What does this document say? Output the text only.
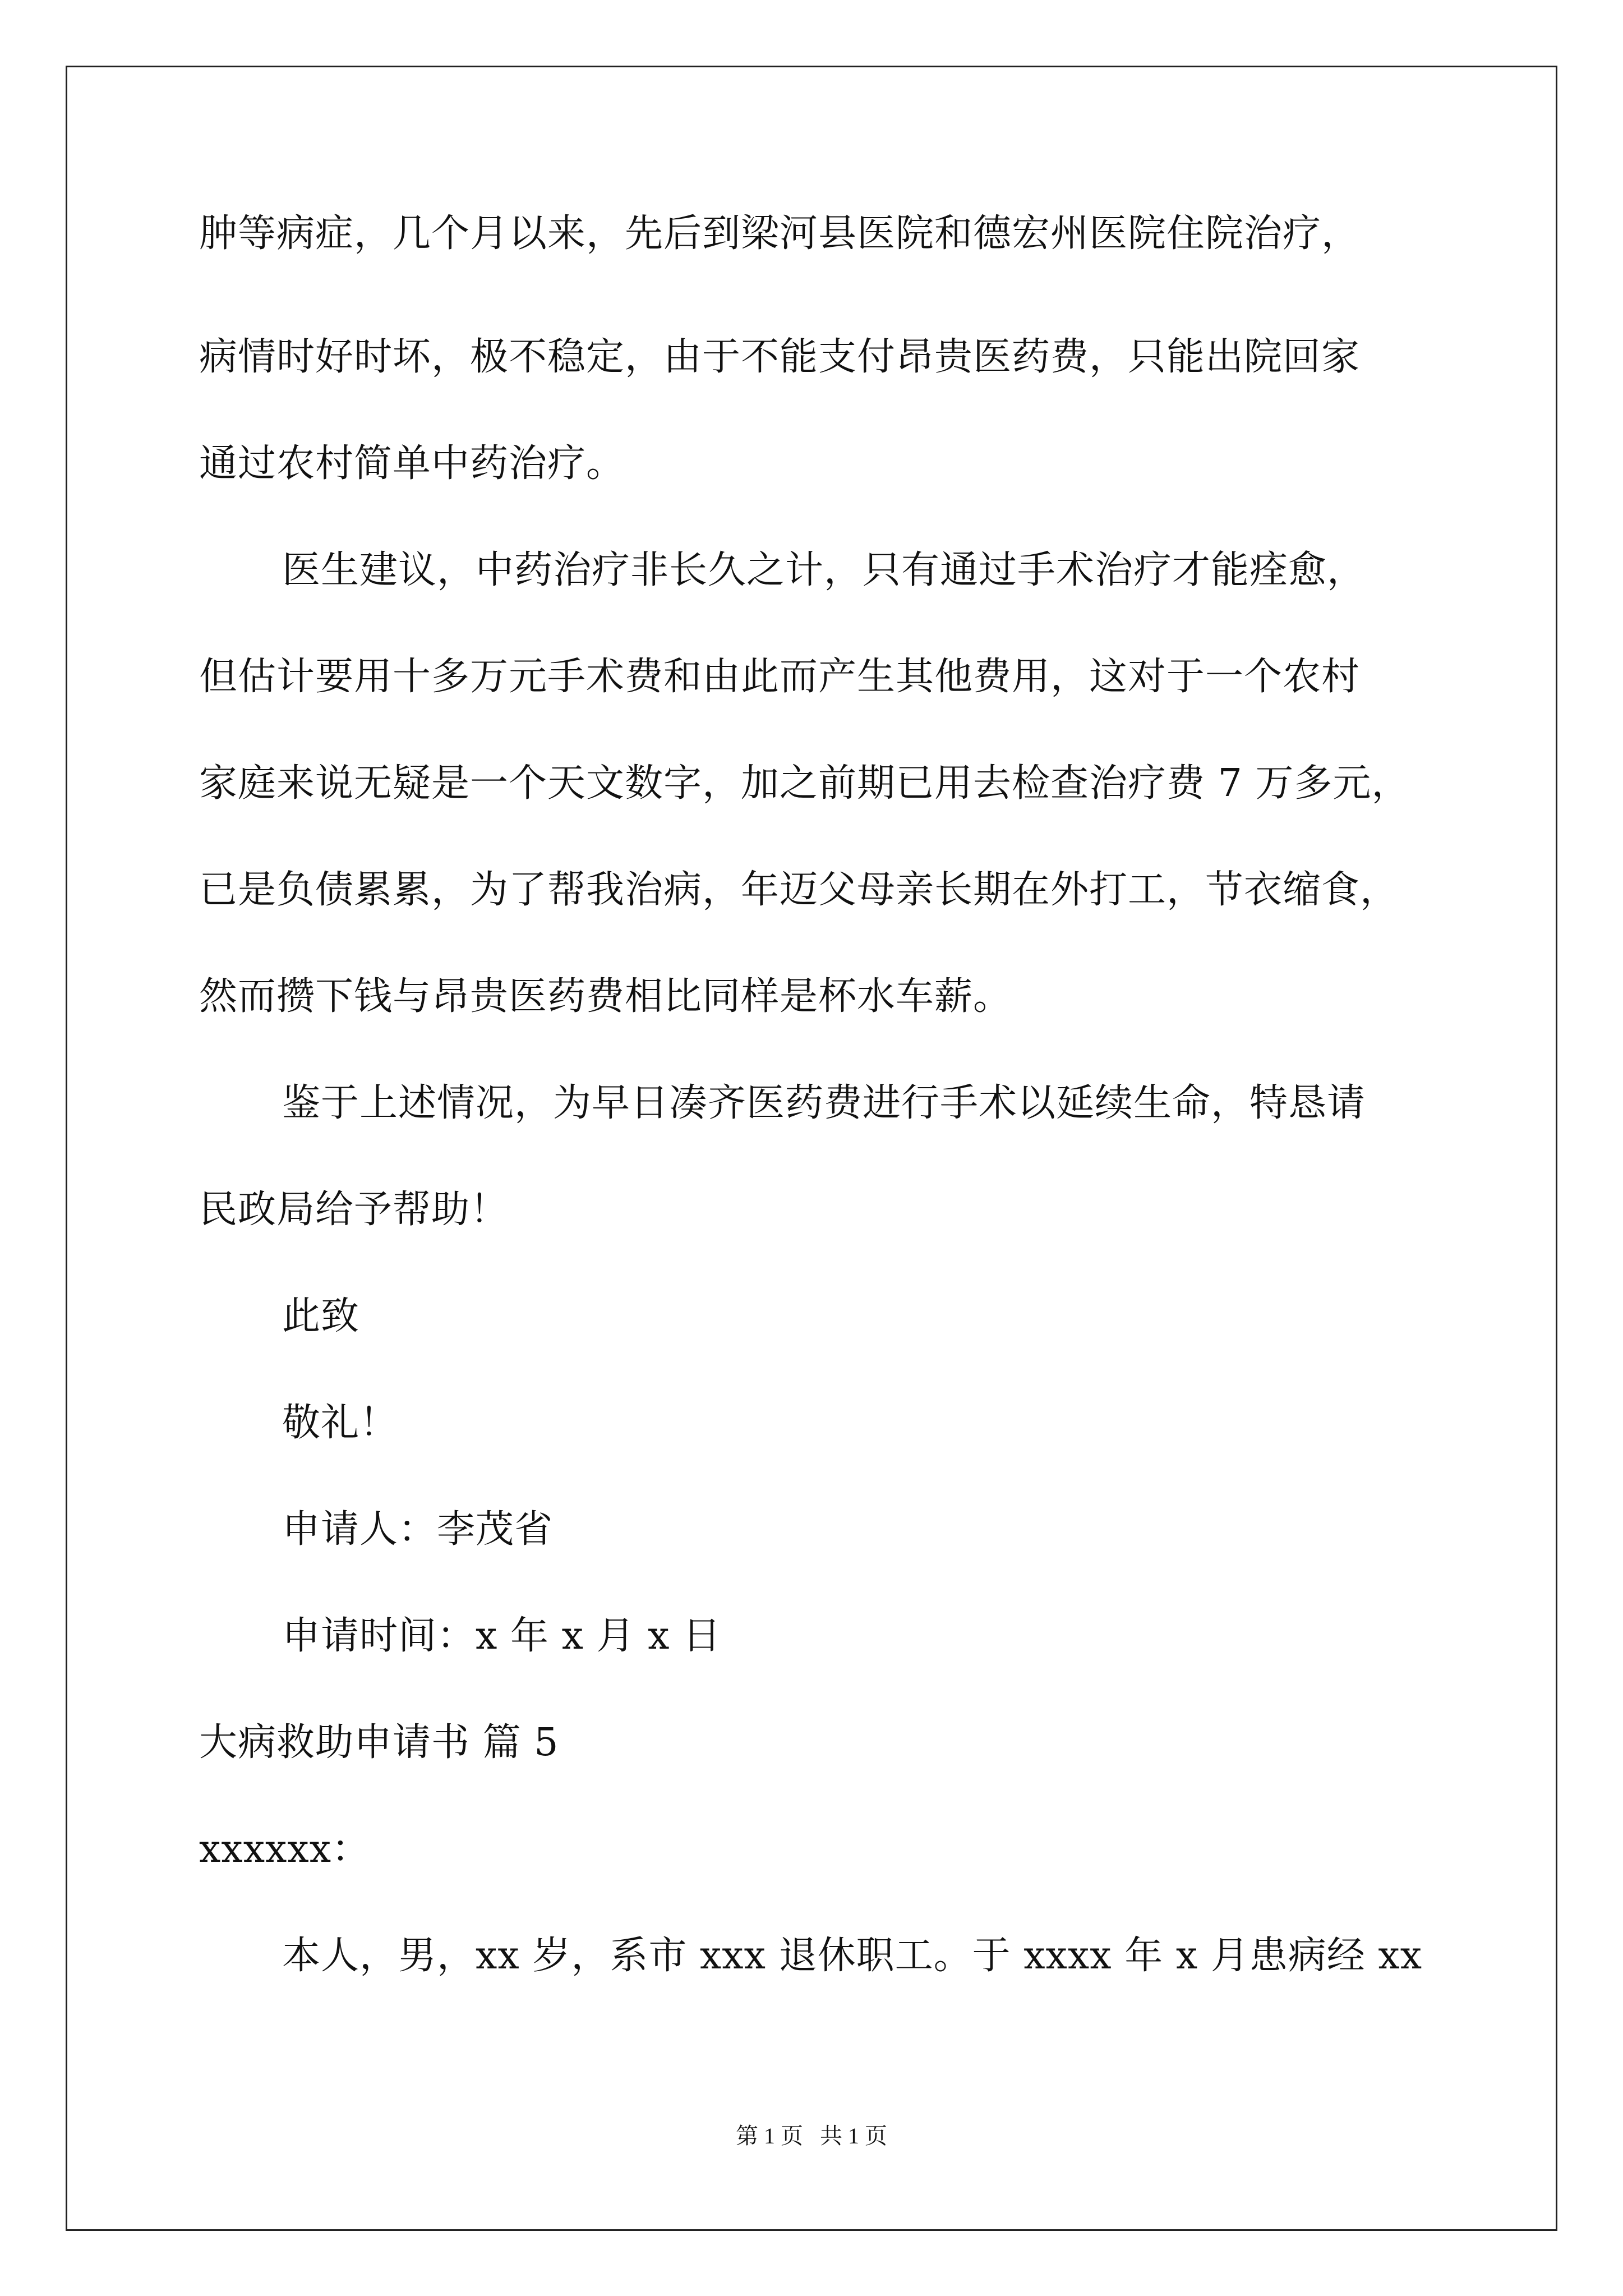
肿等病症，几个月以来，先后到梁河县医院和德宏州医院住院治疗，
病情时好时坏，极不稳定，由于不能支付昂贵医药费，只能出院回家
通过农村简单中药治疗。
医生建议，中药治疗非长久之计，只有通过手术治疗才能痊愈，
但估计要用十多万元手术费和由此而产生其他费用，这对于一个农村
家庭来说无疑是一个天文数字，加之前期已用去检查治疗费 7 万多元，
已是负债累累，为了帮我治病，年迈父母亲长期在外打工，节衣缩食，
然而攒下钱与昂贵医药费相比同样是杯水车薪。
鉴于上述情况，为早日凑齐医药费进行手术以延续生命，特恳请
民政局给予帮助！
此致
敬礼！
申请人：李茂省
申请时间：x 年 x 月 x 日
大病救助申请书 篇 5
xxxxxx：
本人，男，xx 岁，系市 xxx 退休职工。于 xxxx 年 x 月患病经 xx
第 1 页   共 1 页
